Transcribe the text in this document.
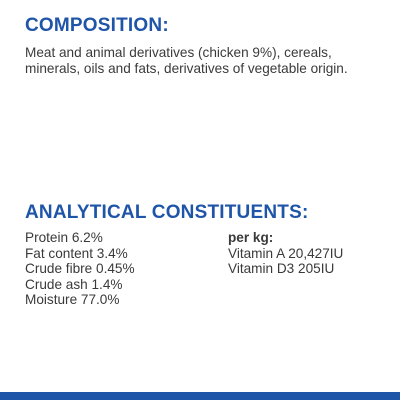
COMPOSITION:

Meat and animal derivatives (chicken 9%), cereals, minerals, oils and fats, derivatives of vegetable origin.

ANALYTICAL CONSTITUENTS:
Protein 6.2%
Fat content 3.4%
Crude fibre 0.45%
Crude ash 1.4%
Moisture 77.0%
per kg:
Vitamin A 20,427IU
Vitamin D3 205IU
